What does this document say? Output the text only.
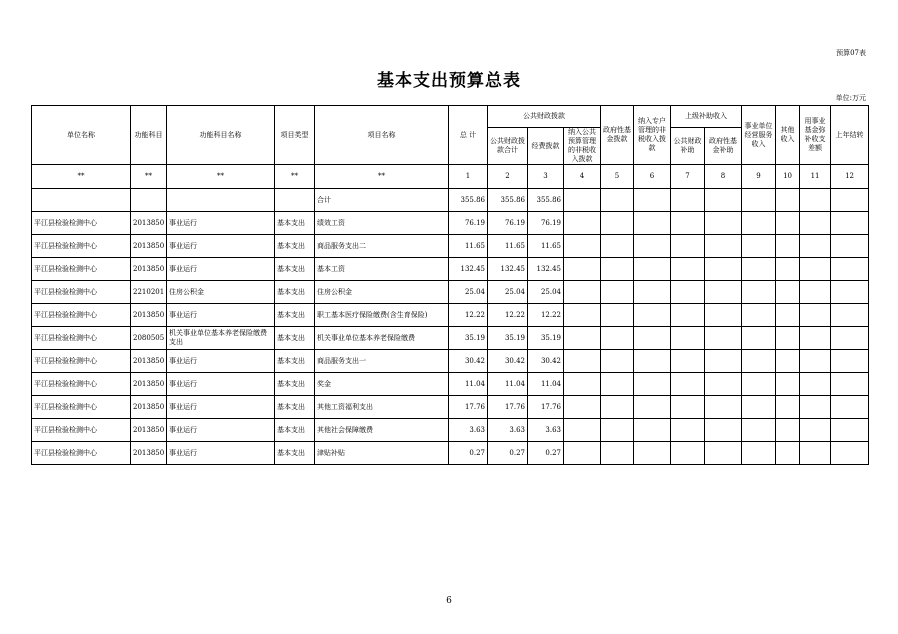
预算07表
基本支出预算总表
单位:万元
单位名称	功能科目	功能科目名称	项目类型	项目名称	总 计	公共财政拨款			政府性基金拨款	纳入专户管理的非税收入拨款	上级补助收入		事业单位经营服务收入	其他收入	用事业基金弥补收支差额	上年结转
						公共财政拨款合计	经费拨款	纳入公共预算管理的非税收入拨款			公共财政补助	政府性基金补助				
**	**	**	**	**	1	2	3	4	5	6	7	8	9	10	11	12
				合计	355.86	355.86	355.86									
平江县检验检测中心	2013850	事业运行	基本支出	绩效工资	76.19	76.19	76.19									
平江县检验检测中心	2013850	事业运行	基本支出	商品服务支出二	11.65	11.65	11.65									
平江县检验检测中心	2013850	事业运行	基本支出	基本工资	132.45	132.45	132.45									
平江县检验检测中心	2210201	住房公积金	基本支出	住房公积金	25.04	25.04	25.04									
平江县检验检测中心	2013850	事业运行	基本支出	职工基本医疗保险缴费(含生育保险)	12.22	12.22	12.22									
平江县检验检测中心	2080505	机关事业单位基本养老保险缴费支出	基本支出	机关事业单位基本养老保险缴费	35.19	35.19	35.19									
平江县检验检测中心	2013850	事业运行	基本支出	商品服务支出一	30.42	30.42	30.42									
平江县检验检测中心	2013850	事业运行	基本支出	奖金	11.04	11.04	11.04									
平江县检验检测中心	2013850	事业运行	基本支出	其他工资福利支出	17.76	17.76	17.76									
平江县检验检测中心	2013850	事业运行	基本支出	其他社会保障缴费	3.63	3.63	3.63									
平江县检验检测中心	2013850	事业运行	基本支出	津贴补贴	0.27	0.27	0.27									
6
